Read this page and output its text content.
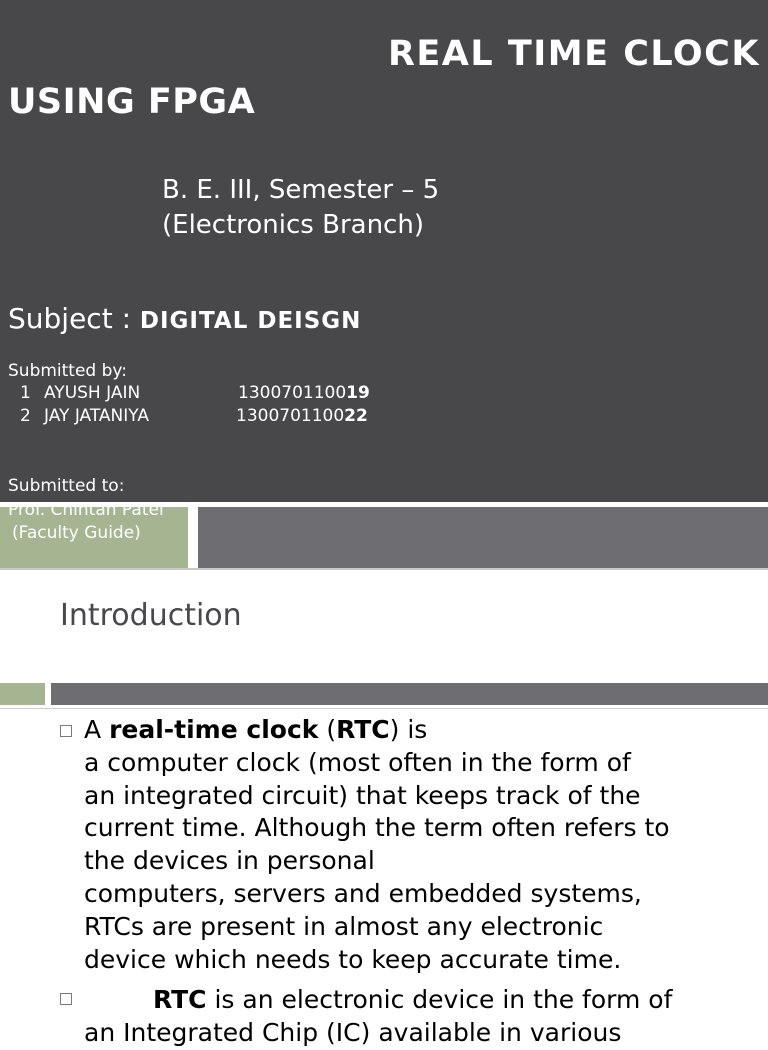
REAL TIME CLOCK
USING FPGA
B. E. III, Semester – 5
(Electronics Branch)
Subject : DIGITAL DEISGN
Submitted by:
1 AYUSH JAIN	130070110019
2 JAY JATANIYA	130070110022
Submitted to:
Prof. Chintan Patel
(Faculty Guide)
Introduction
A real-time clock (RTC) is
a computer clock (most often in the form of
an integrated circuit) that keeps track of the
current time. Although the term often refers to
the devices in personal
computers, servers and embedded systems,
RTCs are present in almost any electronic
device which needs to keep accurate time.
RTC is an electronic device in the form of
an Integrated Chip (IC) available in various
